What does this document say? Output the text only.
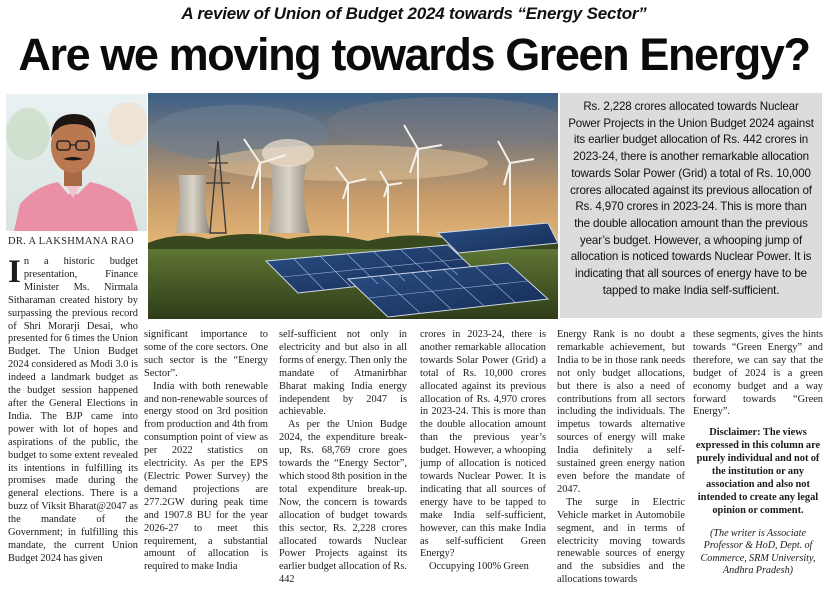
A review of Union of Budget 2024 towards “Energy Sector”
Are we moving towards Green Energy?
DR. A LAKSHMANA RAO
Rs. 2,228 crores allocated towards Nuclear Power Projects in the Union Budget 2024 against its earlier budget allocation of Rs. 442 crores in 2023-24, there is another remarkable allocation towards Solar Power (Grid) a total of Rs. 10,000 crores allocated against its previous allocation of Rs. 4,970 crores in 2023-24. This is more than the double allocation amount than the previous year’s budget. However, a whooping jump of allocation is noticed towards Nuclear Power. It is indicating that all sources of energy have to be tapped to make India self-sufficient.

In a historic budget presentation, Finance Minister Ms. Nirmala Sitharaman created history by surpassing the previous record of Shri Morarji Desai, who presented for 6 times the Union Budget. The Union Budget 2024 considered as Modi 3.0 is indeed a landmark budget as the budget session happened after the General Elections in India. The BJP came into power with lot of hopes and aspirations of the public, the budget to some extent revealed its intentions in fulfilling its promises made during the general elections. There is a buzz of Viksit Bharat@2047 as the mandate of the Government; in fulfilling this mandate, the current Union Budget 2024 has given

significant importance to some of the core sectors. One such sector is the “Energy Sector”.

India with both renewable and non-renewable sources of energy stood on 3rd position from production and 4th from consumption point of view as per 2022 statistics on electricity. As per the EPS (Electric Power Survey) the demand projections are 277.2GW during peak time and 1907.8 BU for the year 2026-27 to meet this requirement, a substantial amount of allocation is required to make India

self-sufficient not only in electricity and but also in all forms of energy. Then only the mandate of Atmanirbhar Bharat making India energy independent by 2047 is achievable.

As per the Union Budge 2024, the expenditure break-up, Rs. 68,769 crore goes towards the “Energy Sector”, which stood 8th position in the total expenditure break-up. Now, the concern is towards allocation of budget towards this sector, Rs. 2,228 crores allocated towards Nuclear Power Projects against its earlier budget allocation of Rs. 442

crores in 2023-24, there is another remarkable allocation towards Solar Power (Grid) a total of Rs. 10,000 crores allocated against its previous allocation of Rs. 4,970 crores in 2023-24. This is more than the double allocation amount than the previous year’s budget. However, a whooping jump of allocation is noticed towards Nuclear Power. It is indicating that all sources of energy have to be tapped to make India self-sufficient, however, can this make India as self-sufficient Green Energy?

Occupying 100% Green

Energy Rank is no doubt a remarkable achievement, but India to be in those rank needs not only budget allocations, but there is also a need of contributions from all sectors including the individuals. The impetus towards alternative sources of energy will make India definitely a self-sustained green energy nation even before the mandate of 2047.

The surge in Electric Vehicle market in Automobile segment, and in terms of electricity moving towards renewable sources of energy and the subsidies and the allocations towards

these segments, gives the hints towards “Green Energy” and therefore, we can say that the budget of 2024 is a green economy budget and a way forward towards “Green Energy”.

Disclaimer: The views expressed in this column are purely individual and not of the institution or any association and also not intended to create any legal opinion or comment.
(The writer is Associate Professor & HoD, Dept. of Commerce, SRM University, Andhra Pradesh)
